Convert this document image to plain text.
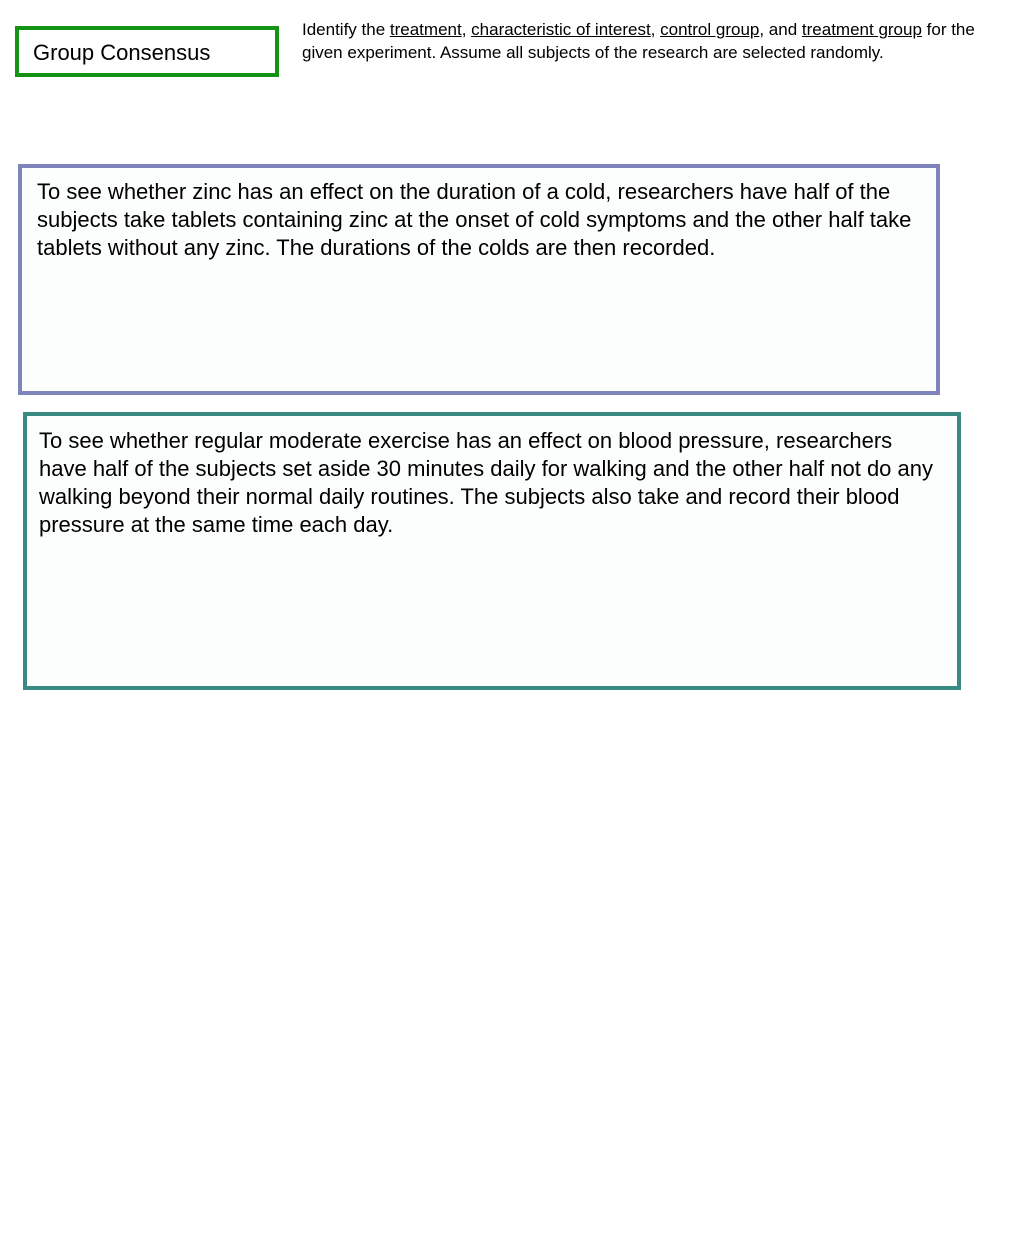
Group Consensus
Identify the treatment, characteristic of interest, control group, and treatment group for the given experiment. Assume all subjects of the research are selected randomly.
To see whether zinc has an effect on the duration of a cold, researchers have half of the subjects take tablets containing zinc at the onset of cold symptoms and the other half take tablets without any zinc. The durations of the colds are then recorded.
To see whether regular moderate exercise has an effect on blood pressure, researchers have half of the subjects set aside 30 minutes daily for walking and the other half not do any walking beyond their normal daily routines. The subjects also take and record their blood pressure at the same time each day.
